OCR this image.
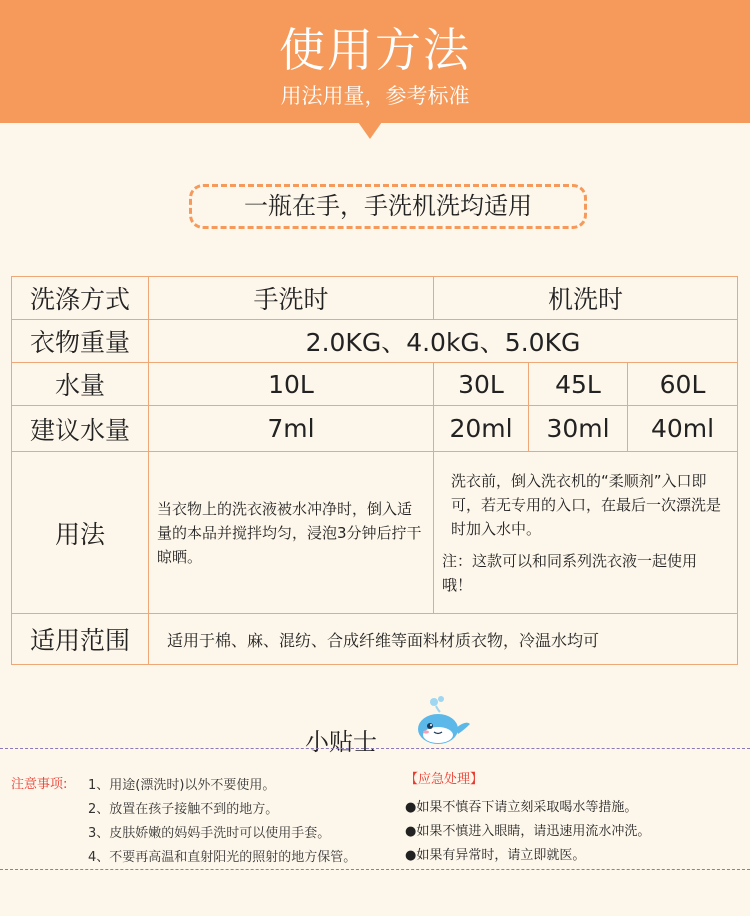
使用方法
用法用量，参考标准
一瓶在手，手洗机洗均适用
洗涤方式	手洗时	机洗时		
衣物重量	2.0KG、4.0kG、5.0KG			
水量	10L	30L	45L	60L
建议水量	7ml	20ml	30ml	40ml
用法	当衣物上的洗衣液被水冲净时，倒入适量的本品并搅拌均匀，浸泡3分钟后拧干晾晒。	洗衣前，倒入洗衣机的“柔顺剂”入口即可，若无专用的入口，在最后一次漂洗是时加入水中。

注：这款可以和同系列洗衣液一起使用哦！		

适用范围	适用于棉、麻、混纺、合成纤维等面料材质衣物，冷温水均可			
小贴士
注意事项: 1、用途(漂洗时)以外不要使用。
2、放置在孩子接触不到的地方。
3、皮肤娇嫩的妈妈手洗时可以使用手套。
4、不要再高温和直射阳光的照射的地方保管。
【应急处理】
●如果不慎吞下请立刻采取喝水等措施。
●如果不慎进入眼睛，请迅速用流水冲洗。
●如果有异常时，请立即就医。
